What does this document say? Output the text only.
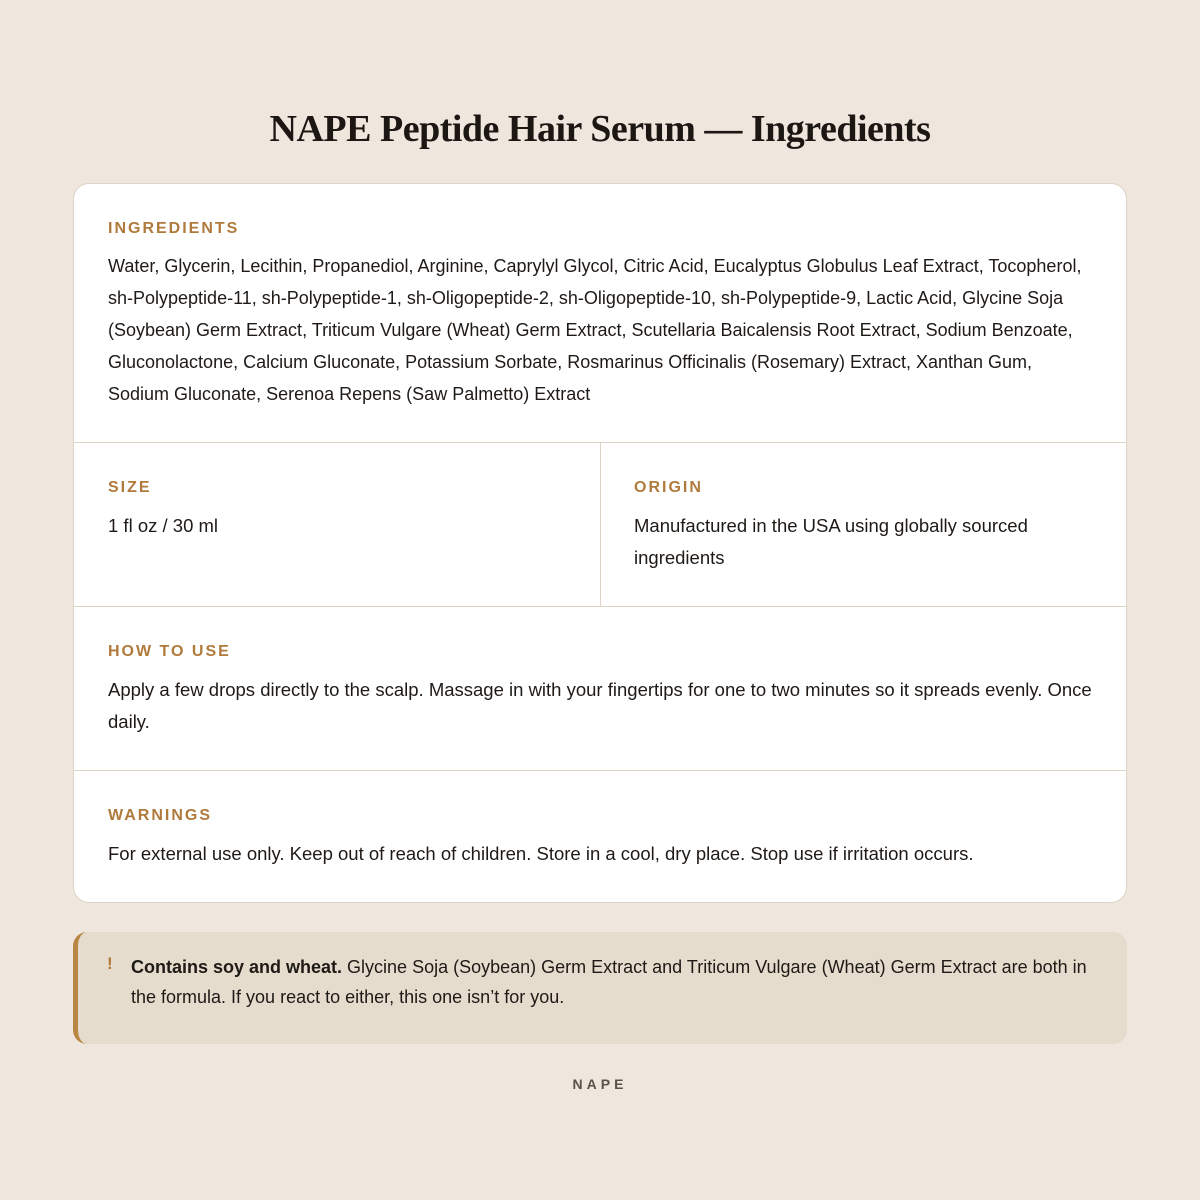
NAPE Peptide Hair Serum — Ingredients
INGREDIENTS
Water, Glycerin, Lecithin, Propanediol, Arginine, Caprylyl Glycol, Citric Acid, Eucalyptus Globulus Leaf Extract, Tocopherol, sh-Polypeptide-11, sh-Polypeptide-1, sh-Oligopeptide-2, sh-Oligopeptide-10, sh-Polypeptide-9, Lactic Acid, Glycine Soja (Soybean) Germ Extract, Triticum Vulgare (Wheat) Germ Extract, Scutellaria Baicalensis Root Extract, Sodium Benzoate, Gluconolactone, Calcium Gluconate, Potassium Sorbate, Rosmarinus Officinalis (Rosemary) Extract, Xanthan Gum, Sodium Gluconate, Serenoa Repens (Saw Palmetto) Extract
SIZE
1 fl oz / 30 ml
ORIGIN
Manufactured in the USA using globally sourced ingredients
HOW TO USE
Apply a few drops directly to the scalp. Massage in with your fingertips for one to two minutes so it spreads evenly. Once daily.
WARNINGS
For external use only. Keep out of reach of children. Store in a cool, dry place. Stop use if irritation occurs.
!	Contains soy and wheat. Glycine Soja (Soybean) Germ Extract and Triticum Vulgare (Wheat) Germ Extract are both in the formula. If you react to either, this one isn’t for you.
NAPE
